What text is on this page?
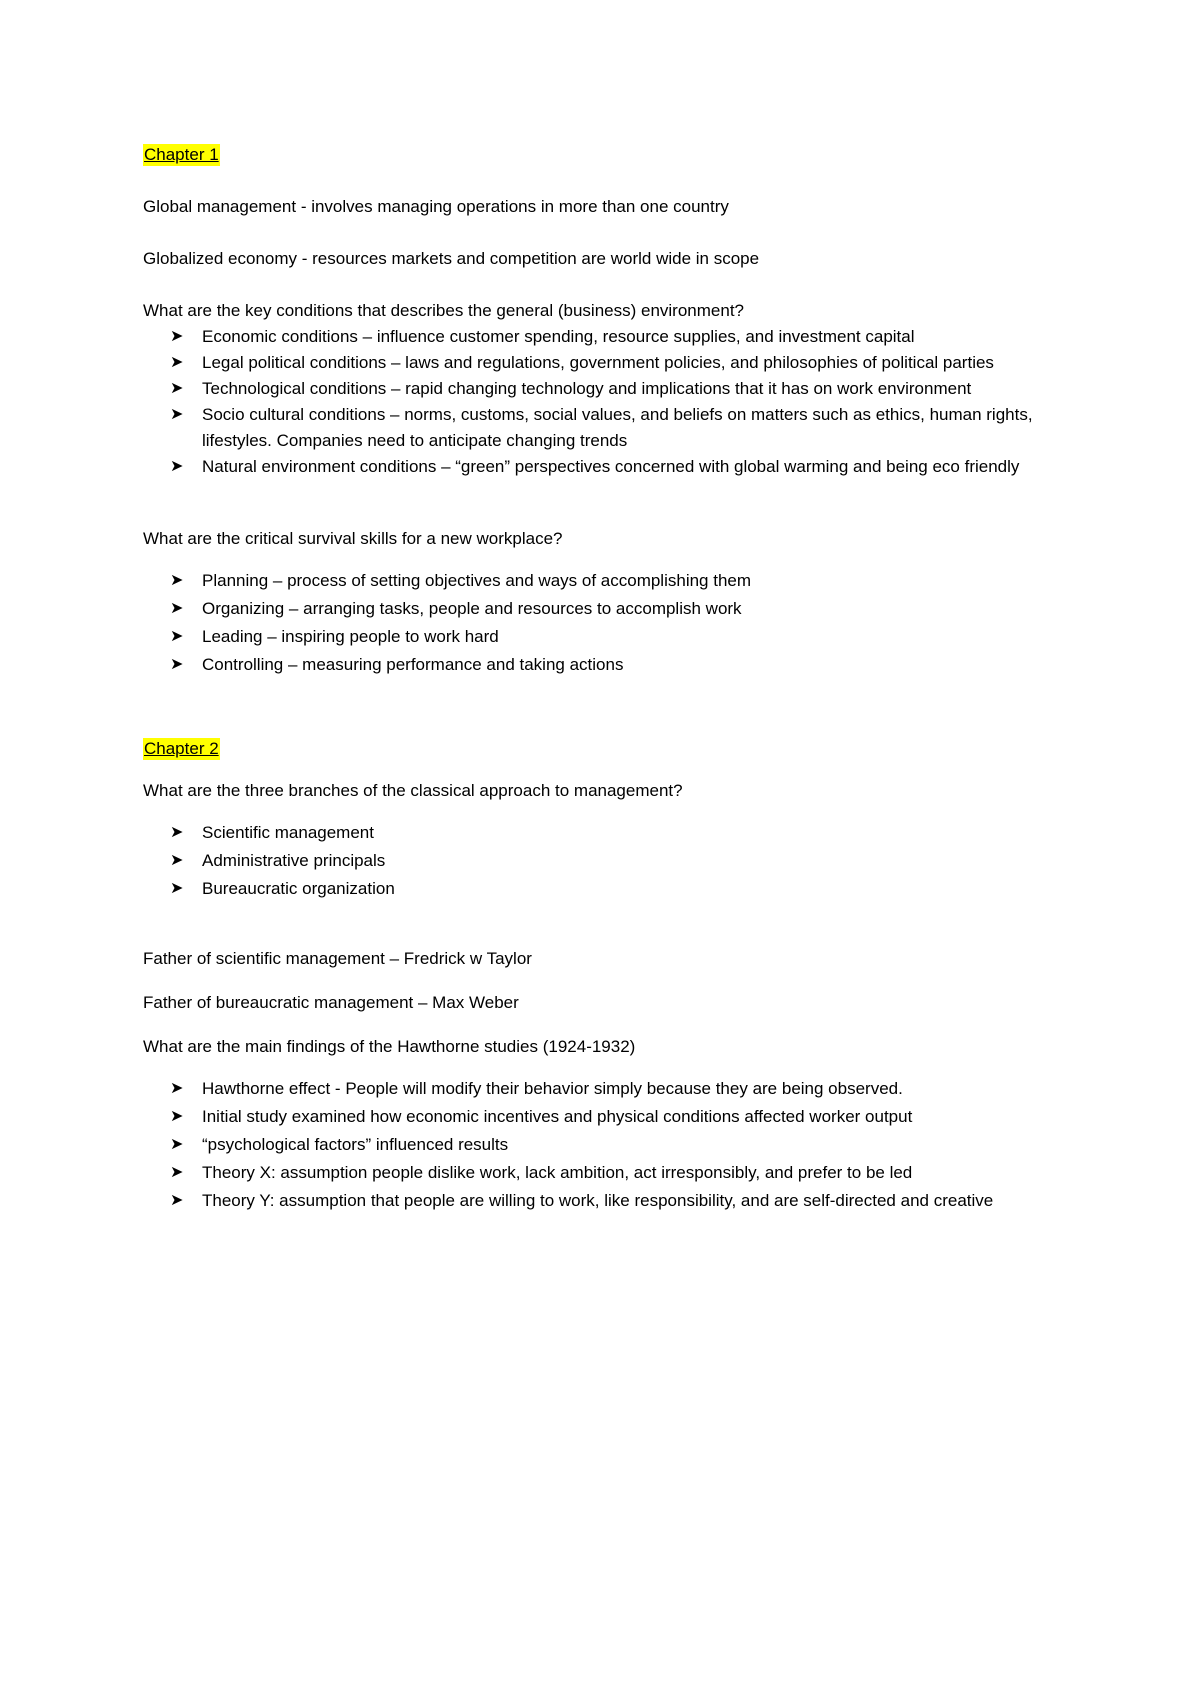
Chapter 1

Global management - involves managing operations in more than one country

Globalized economy - resources markets and competition are world wide in scope

What are the key conditions that describes the general (business) environment?

➤ Economic conditions – influence customer spending, resource supplies, and investment capital
➤ Legal political conditions – laws and regulations, government policies, and philosophies of political parties
➤ Technological conditions – rapid changing technology and implications that it has on work environment
➤ Socio cultural conditions – norms, customs, social values, and beliefs on matters such as ethics, human rights, lifestyles. Companies need to anticipate changing trends
➤ Natural environment conditions – “green” perspectives concerned with global warming and being eco friendly

What are the critical survival skills for a new workplace?

➤ Planning – process of setting objectives and ways of accomplishing them
➤ Organizing – arranging tasks, people and resources to accomplish work
➤ Leading – inspiring people to work hard
➤ Controlling – measuring performance and taking actions
Chapter 2

What are the three branches of the classical approach to management?

➤ Scientific management
➤ Administrative principals
➤ Bureaucratic organization

Father of scientific management – Fredrick w Taylor

Father of bureaucratic management – Max Weber

What are the main findings of the Hawthorne studies (1924-1932)

➤ Hawthorne effect - People will modify their behavior simply because they are being observed.
➤ Initial study examined how economic incentives and physical conditions affected worker output
➤ “psychological factors” influenced results
➤ Theory X: assumption people dislike work, lack ambition, act irresponsibly, and prefer to be led
➤ Theory Y: assumption that people are willing to work, like responsibility, and are self-directed and creative
